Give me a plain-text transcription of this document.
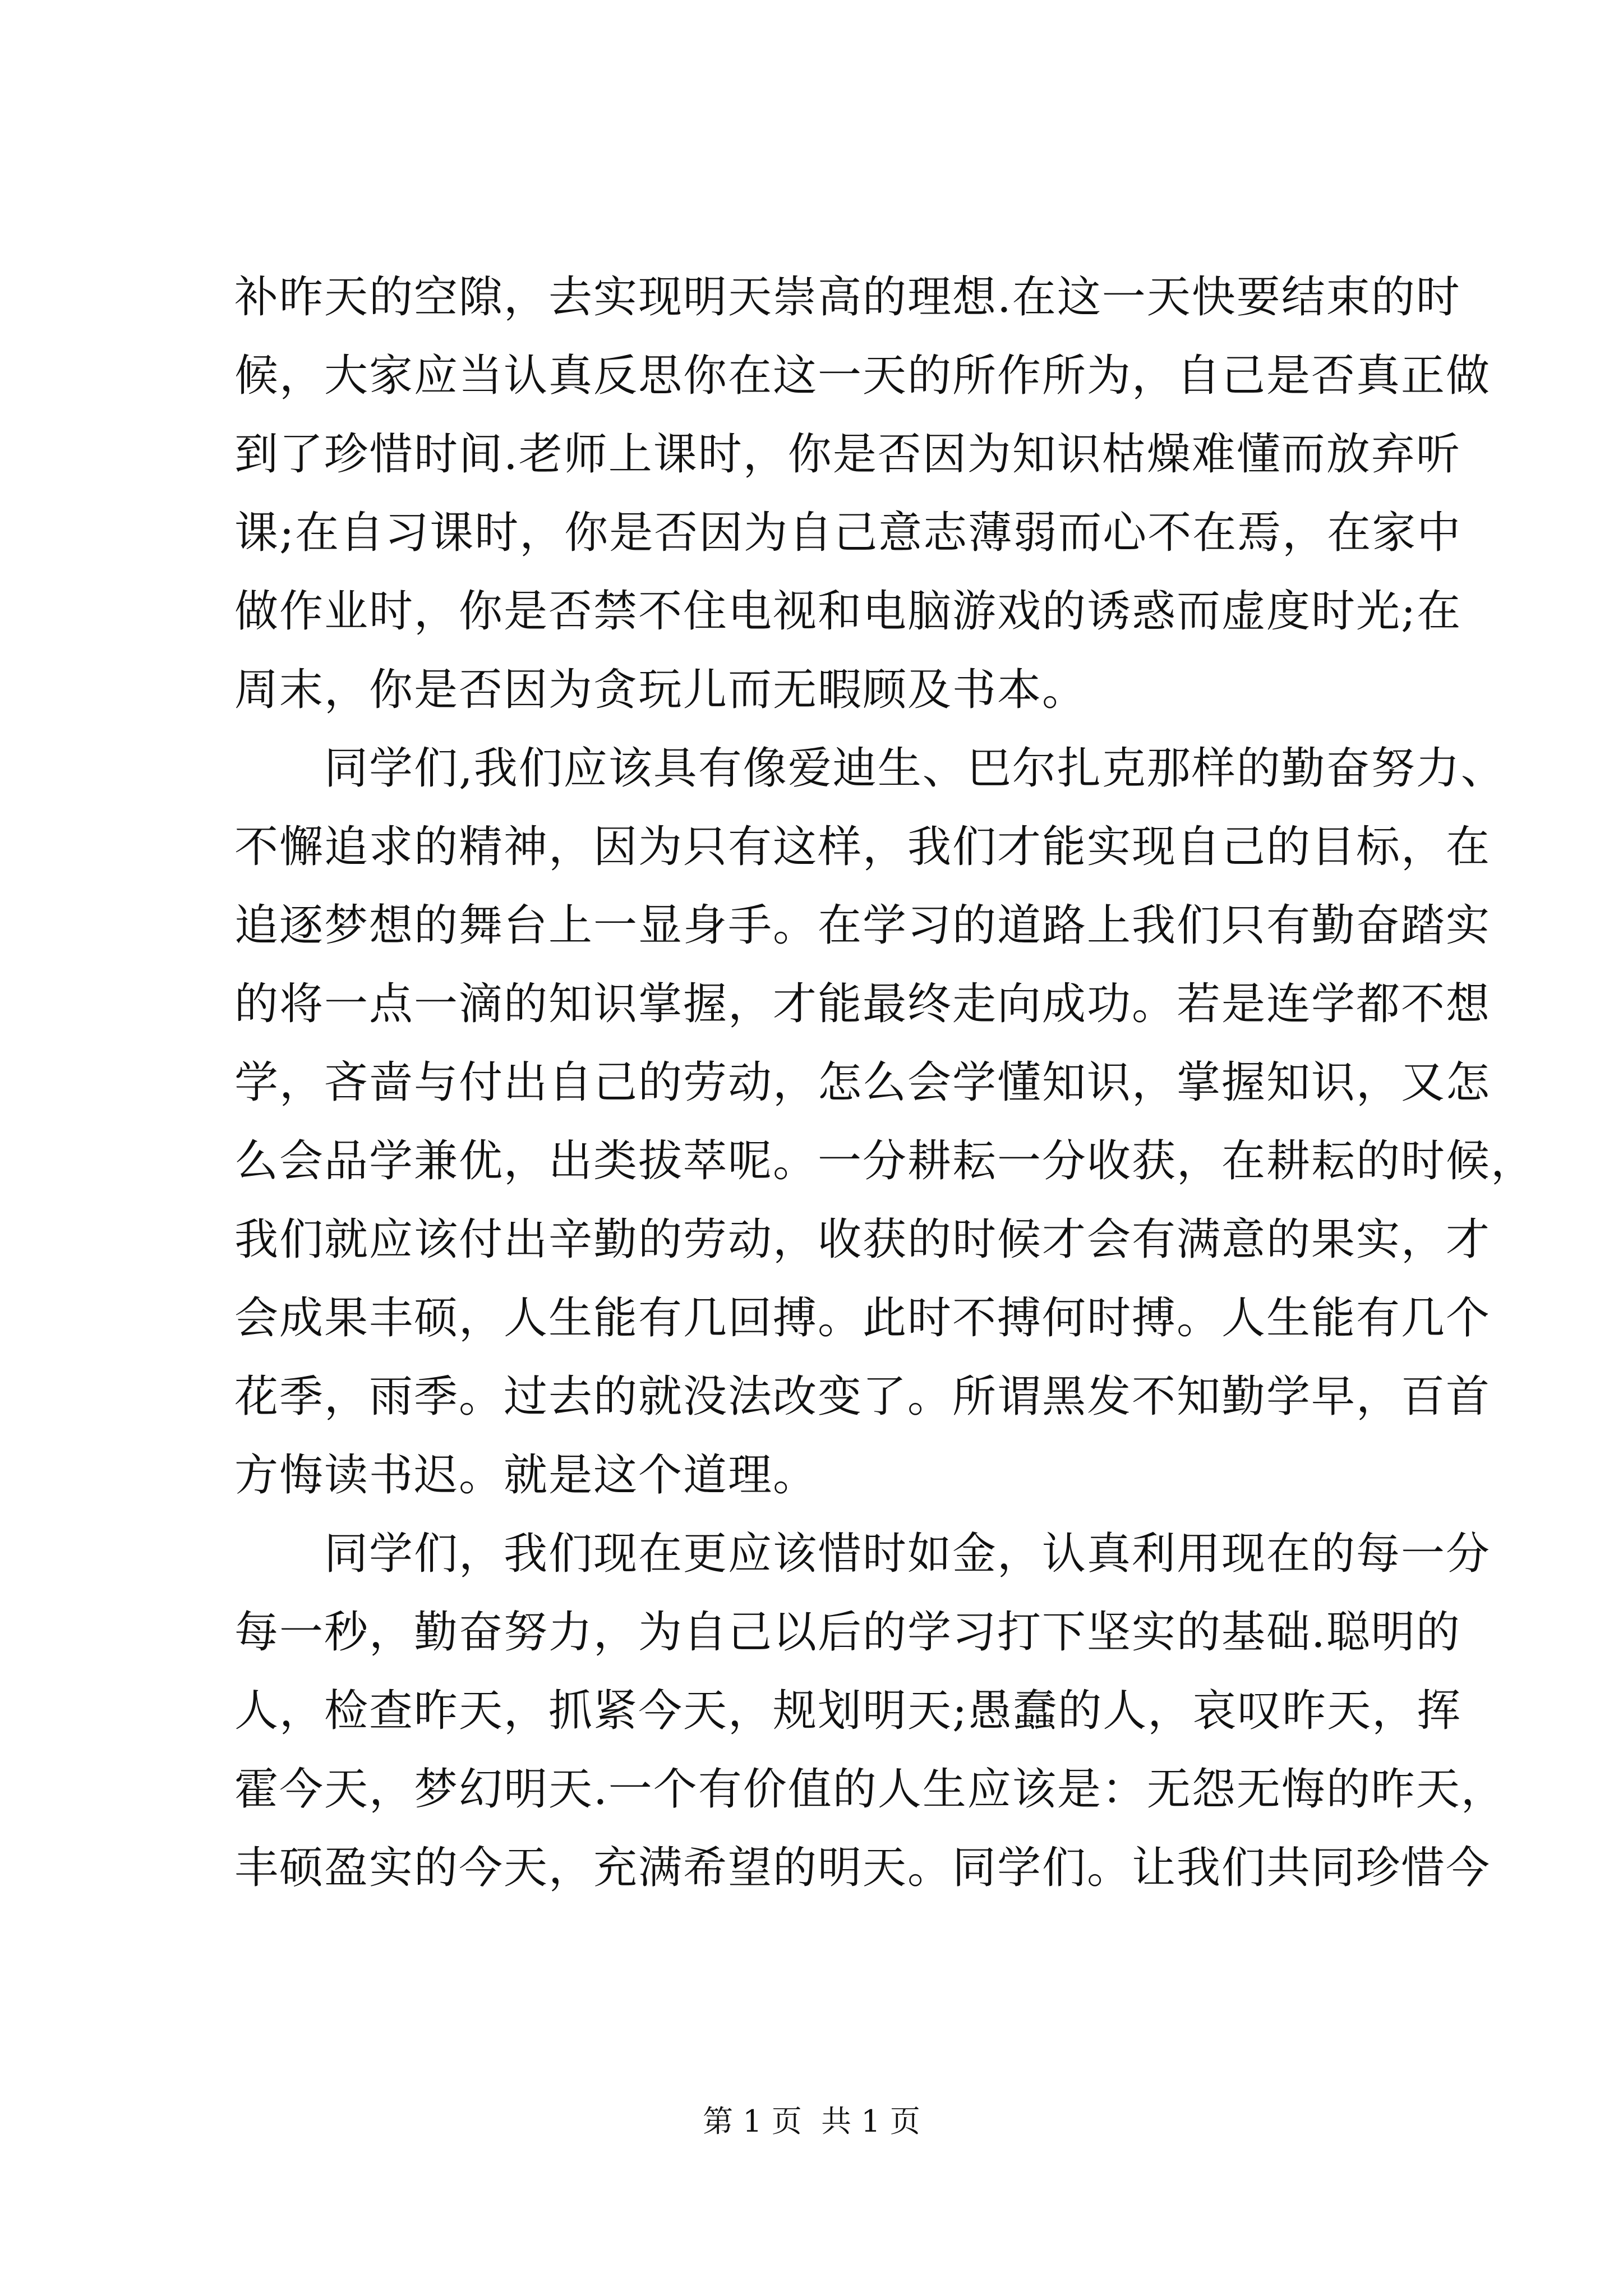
补昨天的空隙，去实现明天崇高的理想.在这一天快要结束的时
候，大家应当认真反思你在这一天的所作所为，自己是否真正做
到了珍惜时间.老师上课时，你是否因为知识枯燥难懂而放弃听
课;在自习课时，你是否因为自己意志薄弱而心不在焉，在家中
做作业时，你是否禁不住电视和电脑游戏的诱惑而虚度时光;在
周末，你是否因为贪玩儿而无暇顾及书本。
同学们,我们应该具有像爱迪生、巴尔扎克那样的勤奋努力、
不懈追求的精神，因为只有这样，我们才能实现自己的目标，在
追逐梦想的舞台上一显身手。在学习的道路上我们只有勤奋踏实
的将一点一滴的知识掌握，才能最终走向成功。若是连学都不想
学，吝啬与付出自己的劳动，怎么会学懂知识，掌握知识，又怎
么会品学兼优，出类拔萃呢。一分耕耘一分收获，在耕耘的时候，
我们就应该付出辛勤的劳动，收获的时候才会有满意的果实，才
会成果丰硕，人生能有几回搏。此时不搏何时搏。人生能有几个
花季，雨季。过去的就没法改变了。所谓黑发不知勤学早，百首
方悔读书迟。就是这个道理。
同学们，我们现在更应该惜时如金，认真利用现在的每一分
每一秒，勤奋努力，为自己以后的学习打下坚实的基础.聪明的
人，检查昨天，抓紧今天，规划明天;愚蠢的人，哀叹昨天，挥
霍今天，梦幻明天.一个有价值的人生应该是：无怨无悔的昨天，
丰硕盈实的今天，充满希望的明天。同学们。让我们共同珍惜今
第 1 页  共 1 页
